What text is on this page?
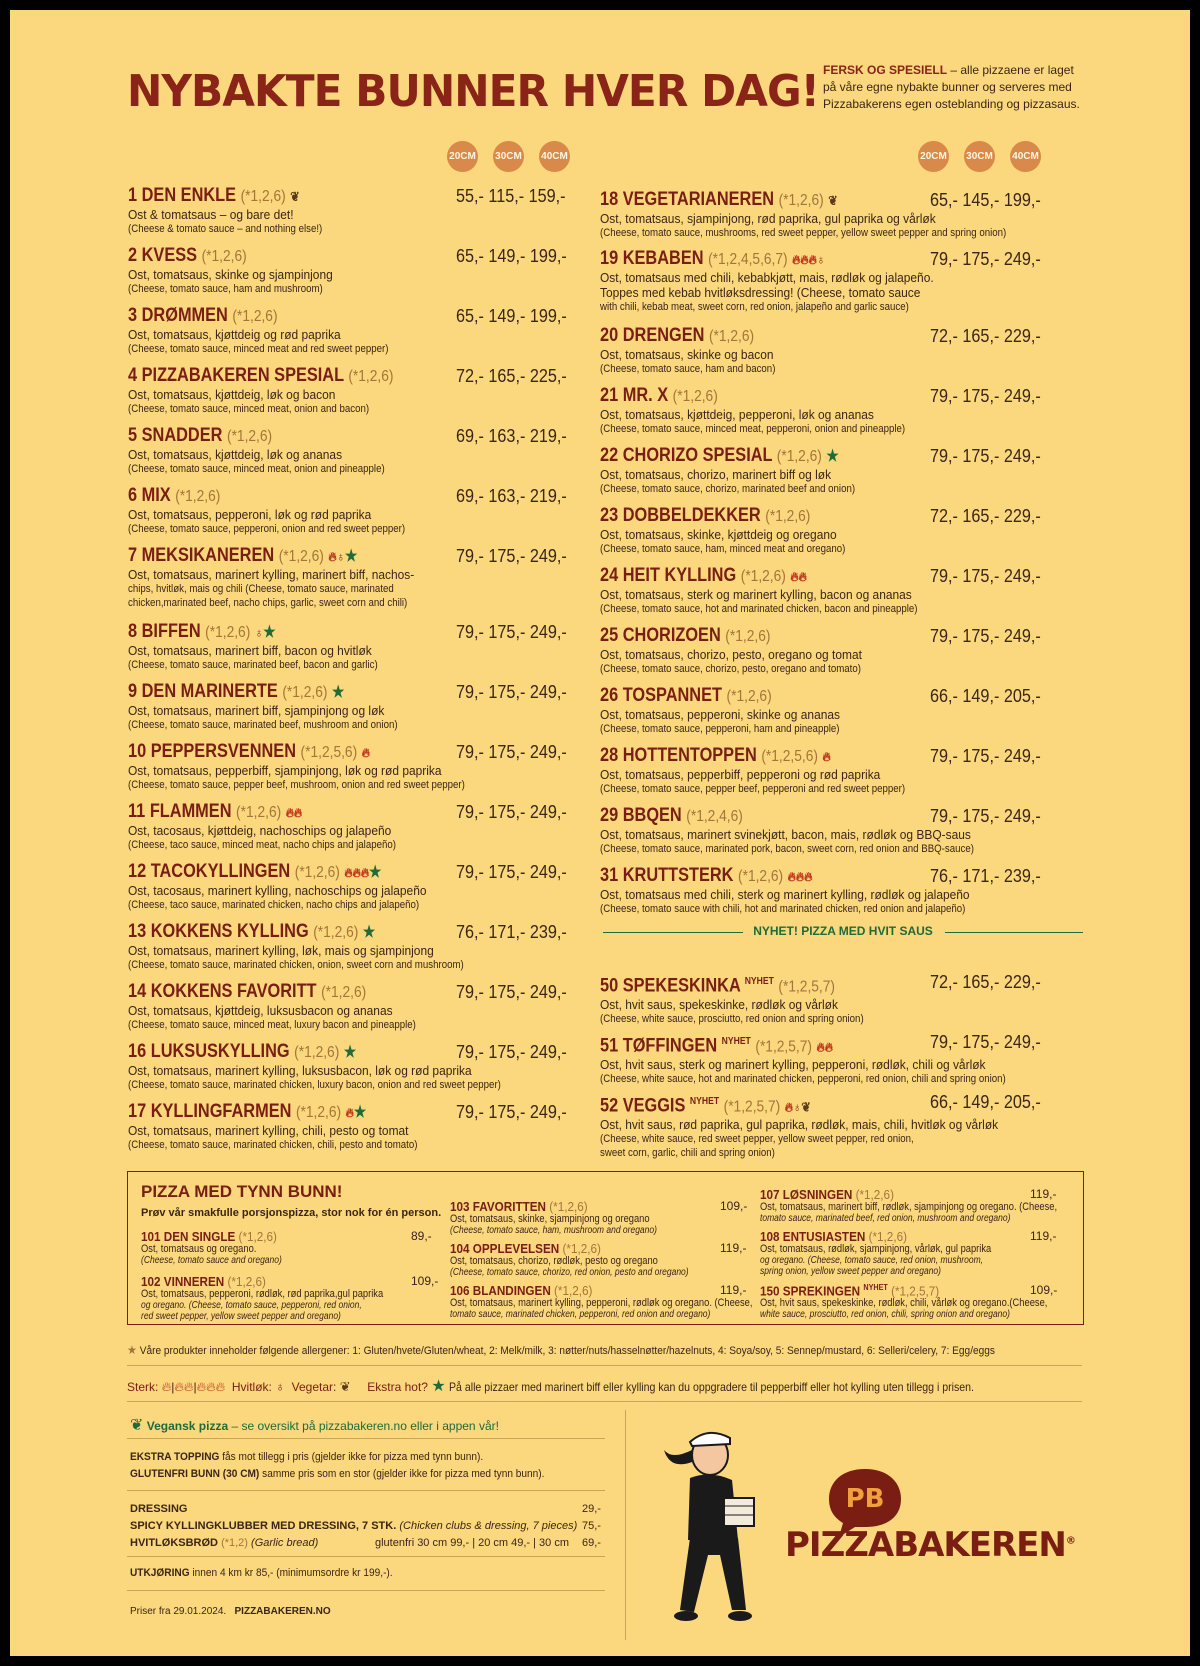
NYBAKTE BUNNER HVER DAG! FERSK OG SPESIELL – alle pizzaene er laget på våre egne nybakte bunner og serveres med Pizzabakerens egen osteblanding og pizzasaus.
20CM 30CM 40CM	20CM 30CM 40CM
1 DEN ENKLE (*1,2,6) ❦	55,- 115,- 159,-
Ost & tomatsaus – og bare det!
(Cheese & tomato sauce – and nothing else!)
2 KVESS (*1,2,6)	65,- 149,- 199,-
Ost, tomatsaus, skinke og sjampinjong
(Cheese, tomato sauce, ham and mushroom)
3 DRØMMEN (*1,2,6)	65,- 149,- 199,-
Ost, tomatsaus, kjøttdeig og rød paprika
(Cheese, tomato sauce, minced meat and red sweet pepper)
4 PIZZABAKEREN SPESIAL (*1,2,6)	72,- 165,- 225,-
Ost, tomatsaus, kjøttdeig, løk og bacon
(Cheese, tomato sauce, minced meat, onion and bacon)
5 SNADDER (*1,2,6)	69,- 163,- 219,-
Ost, tomatsaus, kjøttdeig, løk og ananas
(Cheese, tomato sauce, minced meat, onion and pineapple)
6 MIX (*1,2,6)	69,- 163,- 219,-
Ost, tomatsaus, pepperoni, løk og rød paprika
(Cheese, tomato sauce, pepperoni, onion and red sweet pepper)
7 MEKSIKANEREN (*1,2,6) 🔥︎♁★	79,- 175,- 249,-
Ost, tomatsaus, marinert kylling, marinert biff, nachos-
chips, hvitløk, mais og chili (Cheese, tomato sauce, marinated
chicken,marinated beef, nacho chips, garlic, sweet corn and chili)
8 BIFFEN (*1,2,6) ♁★	79,- 175,- 249,-
Ost, tomatsaus, marinert biff, bacon og hvitløk
(Cheese, tomato sauce, marinated beef, bacon and garlic)
9 DEN MARINERTE (*1,2,6) ★	79,- 175,- 249,-
Ost, tomatsaus, marinert biff, sjampinjong og løk
(Cheese, tomato sauce, marinated beef, mushroom and onion)
10 PEPPERSVENNEN (*1,2,5,6) 🔥︎	79,- 175,- 249,-
Ost, tomatsaus, pepperbiff, sjampinjong, løk og rød paprika
(Cheese, tomato sauce, pepper beef, mushroom, onion and red sweet pepper)
11 FLAMMEN (*1,2,6) 🔥︎🔥︎	79,- 175,- 249,-
Ost, tacosaus, kjøttdeig, nachoschips og jalapeño
(Cheese, taco sauce, minced meat, nacho chips and jalapeño)
12 TACOKYLLINGEN (*1,2,6) 🔥︎🔥︎🔥︎★	79,- 175,- 249,-
Ost, tacosaus, marinert kylling, nachoschips og jalapeño
(Cheese, taco sauce, marinated chicken, nacho chips and jalapeño)
13 KOKKENS KYLLING (*1,2,6) ★	76,- 171,- 239,-
Ost, tomatsaus, marinert kylling, løk, mais og sjampinjong
(Cheese, tomato sauce, marinated chicken, onion, sweet corn and mushroom)
14 KOKKENS FAVORITT (*1,2,6)	79,- 175,- 249,-
Ost, tomatsaus, kjøttdeig, luksusbacon og ananas
(Cheese, tomato sauce, minced meat, luxury bacon and pineapple)
16 LUKSUSKYLLING (*1,2,6) ★	79,- 175,- 249,-
Ost, tomatsaus, marinert kylling, luksusbacon, løk og rød paprika
(Cheese, tomato sauce, marinated chicken, luxury bacon, onion and red sweet pepper)
17 KYLLINGFARMEN (*1,2,6) 🔥︎★	79,- 175,- 249,-
Ost, tomatsaus, marinert kylling, chili, pesto og tomat
(Cheese, tomato sauce, marinated chicken, chili, pesto and tomato)
18 VEGETARIANEREN (*1,2,6) ❦	65,- 145,- 199,-
Ost, tomatsaus, sjampinjong, rød paprika, gul paprika og vårløk
(Cheese, tomato sauce, mushrooms, red sweet pepper, yellow sweet pepper and spring onion)
19 KEBABEN (*1,2,4,5,6,7) 🔥︎🔥︎🔥︎♁	79,- 175,- 249,-
Ost, tomatsaus med chili, kebabkjøtt, mais, rødløk og jalapeño.
Toppes med kebab hvitløksdressing! (Cheese, tomato sauce
with chili, kebab meat, sweet corn, red onion, jalapeño and garlic sauce)
20 DRENGEN (*1,2,6)	72,- 165,- 229,-
Ost, tomatsaus, skinke og bacon
(Cheese, tomato sauce, ham and bacon)
21 MR. X (*1,2,6)	79,- 175,- 249,-
Ost, tomatsaus, kjøttdeig, pepperoni, løk og ananas
(Cheese, tomato sauce, minced meat, pepperoni, onion and pineapple)
22 CHORIZO SPESIAL (*1,2,6) ★	79,- 175,- 249,-
Ost, tomatsaus, chorizo, marinert biff og løk
(Cheese, tomato sauce, chorizo, marinated beef and onion)
23 DOBBELDEKKER (*1,2,6)	72,- 165,- 229,-
Ost, tomatsaus, skinke, kjøttdeig og oregano
(Cheese, tomato sauce, ham, minced meat and oregano)
24 HEIT KYLLING (*1,2,6) 🔥︎🔥︎	79,- 175,- 249,-
Ost, tomatsaus, sterk og marinert kylling, bacon og ananas
(Cheese, tomato sauce, hot and marinated chicken, bacon and pineapple)
25 CHORIZOEN (*1,2,6)	79,- 175,- 249,-
Ost, tomatsaus, chorizo, pesto, oregano og tomat
(Cheese, tomato sauce, chorizo, pesto, oregano and tomato)
26 TOSPANNET (*1,2,6)	66,- 149,- 205,-
Ost, tomatsaus, pepperoni, skinke og ananas
(Cheese, tomato sauce, pepperoni, ham and pineapple)
28 HOTTENTOPPEN (*1,2,5,6) 🔥︎	79,- 175,- 249,-
Ost, tomatsaus, pepperbiff, pepperoni og rød paprika
(Cheese, tomato sauce, pepper beef, pepperoni and red sweet pepper)
29 BBQEN (*1,2,4,6)	79,- 175,- 249,-
Ost, tomatsaus, marinert svinekjøtt, bacon, mais, rødløk og BBQ-saus
(Cheese, tomato sauce, marinated pork, bacon, sweet corn, red onion and BBQ-sauce)
31 KRUTTSTERK (*1,2,6) 🔥︎🔥︎🔥︎	76,- 171,- 239,-
Ost, tomatsaus med chili, sterk og marinert kylling, rødløk og jalapeño
(Cheese, tomato sauce with chili, hot and marinated chicken, red onion and jalapeño)
NYHET! PIZZA MED HVIT SAUS
50 SPEKESKINKA $^{NYHET}$ (*1,2,5,7)	72,- 165,- 229,-
Ost, hvit saus, spekeskinke, rødløk og vårløk
(Cheese, white sauce, prosciutto, red onion and spring onion)
51 TØFFINGEN $^{NYHET}$ (*1,2,5,7) 🔥︎🔥︎	79,- 175,- 249,-
Ost, hvit saus, sterk og marinert kylling, pepperoni, rødløk, chili og vårløk
(Cheese, white sauce, hot and marinated chicken, pepperoni, red onion, chili and spring onion)
52 VEGGIS $^{NYHET}$ (*1,2,5,7) 🔥︎♁❦	66,- 149,- 205,-
Ost, hvit saus, rød paprika, gul paprika, rødløk, mais, chili, hvitløk og vårløk
(Cheese, white sauce, red sweet pepper, yellow sweet pepper, red onion,
sweet corn, garlic, chili and spring onion)
PIZZA MED TYNN BUNN!
Prøv vår smakfulle porsjonspizza, stor nok for én person.
101 DEN SINGLE (*1,2,6)	89,-
Ost, tomatsaus og oregano.
(Cheese, tomato sauce and oregano)
102 VINNEREN (*1,2,6)	109,-
Ost, tomatsaus, pepperoni, rødløk, rød paprika,gul paprika
og oregano. (Cheese, tomato sauce, pepperoni, red onion,
red sweet pepper, yellow sweet pepper and oregano)
103 FAVORITTEN (*1,2,6)	109,-
Ost, tomatsaus, skinke, sjampinjong og oregano
(Cheese, tomato sauce, ham, mushroom and oregano)
104 OPPLEVELSEN (*1,2,6)	119,-
Ost, tomatsaus, chorizo, rødløk, pesto og oregano
(Cheese, tomato sauce, chorizo, red onion, pesto and oregano)
106 BLANDINGEN (*1,2,6)	119,-
Ost, tomatsaus, marinert kylling, pepperoni, rødløk og oregano. (Cheese,
tomato sauce, marinated chicken, pepperoni, red onion and oregano)
107 LØSNINGEN (*1,2,6)	119,-
Ost, tomatsaus, marinert biff, rødløk, sjampinjong og oregano. (Cheese,
tomato sauce, marinated beef, red onion, mushroom and oregano)
108 ENTUSIASTEN (*1,2,6)	119,-
Ost, tomatsaus, rødløk, sjampinjong, vårløk, gul paprika
og oregano. (Cheese, tomato sauce, red onion, mushroom,
spring onion, yellow sweet pepper and oregano)
150 SPREKINGEN $^{NYHET}$ (*1,2,5,7)	109,-
Ost, hvit saus, spekeskinke, rødløk, chili, vårløk og oregano.(Cheese,
white sauce, prosciutto, red onion, chili, spring onion and oregano)
★ Våre produkter inneholder følgende allergener: 1: Gluten/hvete/Gluten/wheat, 2: Melk/milk, 3: nøtter/nuts/hasselnøtter/hazelnuts, 4: Soya/soy, 5: Sennep/mustard, 6: Selleri/celery, 7: Egg/eggs
Sterk: 🔥︎|🔥︎🔥︎|🔥︎🔥︎🔥︎ Hvitløk: ♁ Vegetar: ❦ Ekstra hot? ★ På alle pizzaer med marinert biff eller kylling kan du oppgradere til pepperbiff eller hot kylling uten tillegg i prisen.
❦ Vegansk pizza – se oversikt på pizzabakeren.no eller i appen vår!
EKSTRA TOPPING fås mot tillegg i pris (gjelder ikke for pizza med tynn bunn).
GLUTENFRI BUNN (30 CM) samme pris som en stor (gjelder ikke for pizza med tynn bunn).
DRESSING	29,-
SPICY KYLLINGKLUBBER MED DRESSING, 7 STK. (Chicken clubs & dressing, 7 pieces) 75,-
HVITLØKSBRØD (*1,2) (Garlic bread)	glutenfri 30 cm 99,- | 20 cm 49,- | 30 cm 69,-
UTKJØRING innen 4 km kr 85,- (minimumsordre kr 199,-).
Priser fra 29.01.2024. PIZZABAKEREN.NO
PB
PIZZABAKEREN®
